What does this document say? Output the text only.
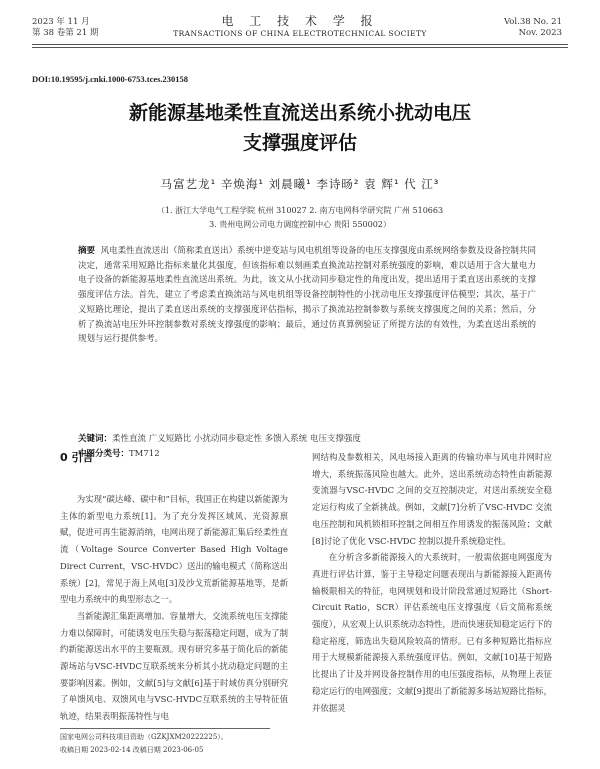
2023 年 11 月
第 38 卷第 21 期
电 工 技 术 学 报
TRANSACTIONS OF CHINA ELECTROTECHNICAL SOCIETY
Vol.38 No. 21
Nov. 2023
DOI:10.19595/j.cnki.1000-6753.tces.230158
新能源基地柔性直流送出系统小扰动电压
支撑强度评估
马富艺龙¹ 辛焕海¹ 刘晨曦¹ 李诗旸² 袁 辉¹ 代 江³
（1. 浙江大学电气工程学院 杭州 310027 2. 南方电网科学研究院 广州 510663
3. 贵州电网公司电力调度控制中心 贵阳 550002）
摘要 风电柔性直流送出（简称柔直送出）系统中逆变站与风电机组等设备的电压支撑强度由系统网络参数及设备控制共同决定，通常采用短路比指标来量化其强度，但该指标难以刻画柔直换流站控制对系统强度的影响，难以适用于含大量电力电子设备的新能源基地柔性直流送出系统。为此，该文从小扰动同步稳定性的角度出发，提出适用于柔直送出系统的支撑强度评估方法。首先，建立了考虑柔直换流站与风电机组等设备控制特性的小扰动电压支撑强度评估模型；其次，基于广义短路比理论，提出了柔直送出系统的支撑强度评估指标，揭示了换流站控制参数与系统支撑强度之间的关系；然后，分析了换流站电压外环控制参数对系统支撑强度的影响；最后，通过仿真算例验证了所提方法的有效性，为柔直送出系统的规划与运行提供参考。
关键词：柔性直流 广义短路比 小扰动同步稳定性 多馈入系统 电压支撑强度
中图分类号：TM712
0 引言

为实现“碳达峰、碳中和”目标，我国正在构建以新能源为主体的新型电力系统[1]。为了充分发挥区域风、光资源禀赋，促进可再生能源消纳，电网出现了新能源汇集后经柔性直流（Voltage Source Converter Based High Voltage Direct Current，VSC-HVDC）送出的输电模式（简称送出系统）[2]，常见于海上风电[3]及沙戈荒新能源基地等，是新型电力系统中的典型形态之一。

当新能源汇集距离增加、容量增大，交流系统电压支撑能力难以保障时，可能诱发电压失稳与振荡稳定问题，成为了制约新能源送出水平的主要瓶颈。现有研究多基于简化后的新能源场站与VSC-HVDC互联系统来分析其小扰动稳定问题的主要影响因素。例如，文献[5]与文献[6]基于时域仿真分别研究了单馈风电、双馈风电与VSC-HVDC互联系统的主导特征值轨迹，结果表明振荡特性与电

网结构及参数相关，风电场接入距离的传输功率与风电并网时应增大，系统振荡风险也越大。此外，送出系统动态特性由新能源变流器与VSC-HVDC 之间的交互控制决定，对送出系统安全稳定运行构成了全新挑战。例如，文献[7]分析了VSC-HVDC 交流电压控制和风机锁相环控制之间相互作用诱发的振荡风险；文献[8]讨论了优化 VSC-HVDC 控制以提升系统稳定性。

在分析含多新能源接入的大系统时，一般需依据电网强度为真进行评估计算，鉴于主导稳定问题表现出与新能源接入距离传输极限相关的特征，电网规划和设计阶段常通过短路比（Short-Circuit Ratio，SCR）评估系统电压支撑强度（后文简称系统强度），从宏观上认识系统动态特性，进而快速获知稳定运行下的稳定裕度，筛选出失稳风险较高的情形。已有多种短路比指标应用于大规模新能源接入系统强度评估。例如，文献[10]基于短路比提出了计及并网设备控制作用的电压强度指标，从物理上表征稳定运行的电网强度；文献[9]提出了新能源多场站短路比指标，并依据灵

国家电网公司科技项目资助（GZKJXM20222225）。
收稿日期 2023-02-14 改稿日期 2023-06-05
